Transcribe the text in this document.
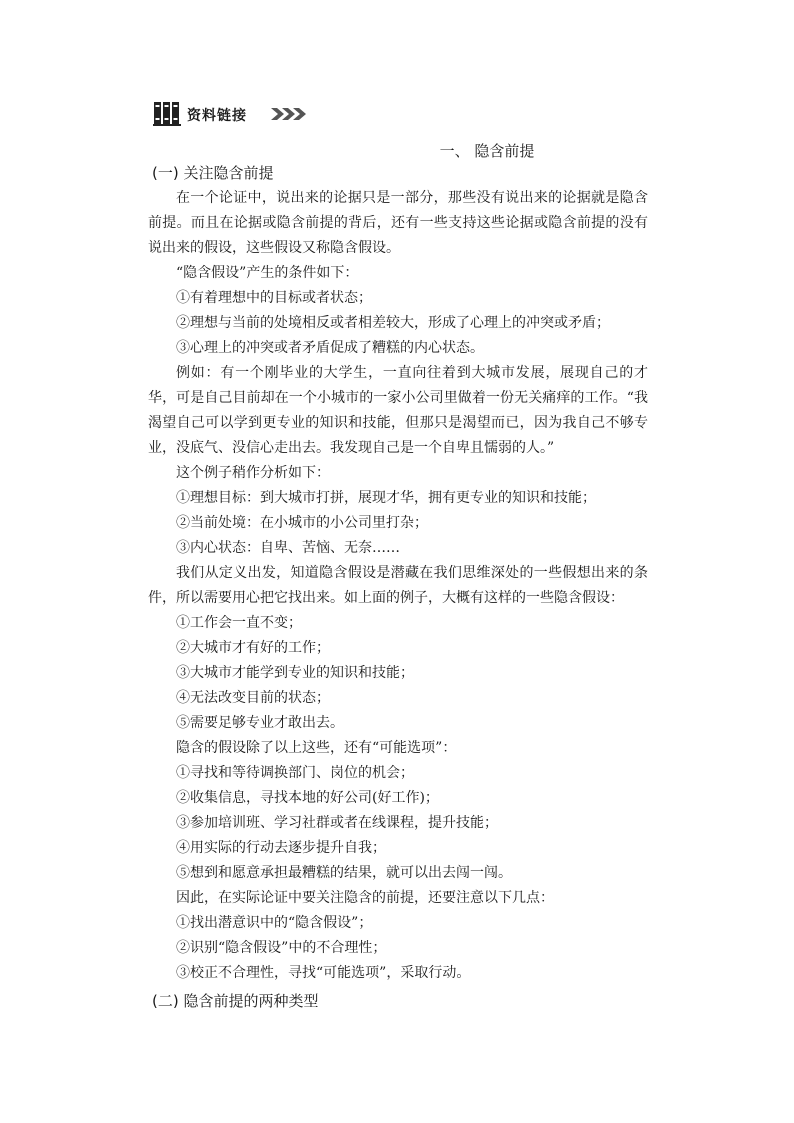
资料链接
一、 隐含前提
(一) 关注隐含前提

在一个论证中，说出来的论据只是一部分，那些没有说出来的论据就是隐含前提。而且在论据或隐含前提的背后，还有一些支持这些论据或隐含前提的没有说出来的假设，这些假设又称隐含假设。

“隐含假设”产生的条件如下：

①有着理想中的目标或者状态；

②理想与当前的处境相反或者相差较大，形成了心理上的冲突或矛盾；

③心理上的冲突或者矛盾促成了糟糕的内心状态。

例如：有一个刚毕业的大学生，一直向往着到大城市发展，展现自己的才华，可是自己目前却在一个小城市的一家小公司里做着一份无关痛痒的工作。“我渴望自己可以学到更专业的知识和技能，但那只是渴望而已，因为我自己不够专业，没底气、没信心走出去。我发现自己是一个自卑且懦弱的人。”

这个例子稍作分析如下：

①理想目标：到大城市打拼，展现才华，拥有更专业的知识和技能；

②当前处境：在小城市的小公司里打杂；

③内心状态：自卑、苦恼、无奈……

我们从定义出发，知道隐含假设是潜藏在我们思维深处的一些假想出来的条件，所以需要用心把它找出来。如上面的例子，大概有这样的一些隐含假设：

①工作会一直不变；

②大城市才有好的工作；

③大城市才能学到专业的知识和技能；

④无法改变目前的状态；

⑤需要足够专业才敢出去。

隐含的假设除了以上这些，还有“可能选项”：

①寻找和等待调换部门、岗位的机会；

②收集信息，寻找本地的好公司(好工作)；

③参加培训班、学习社群或者在线课程，提升技能；

④用实际的行动去逐步提升自我；

⑤想到和愿意承担最糟糕的结果，就可以出去闯一闯。

因此，在实际论证中要关注隐含的前提，还要注意以下几点：

①找出潜意识中的“隐含假设”；

②识别“隐含假设”中的不合理性；

③校正不合理性，寻找“可能选项”，采取行动。

(二) 隐含前提的两种类型
